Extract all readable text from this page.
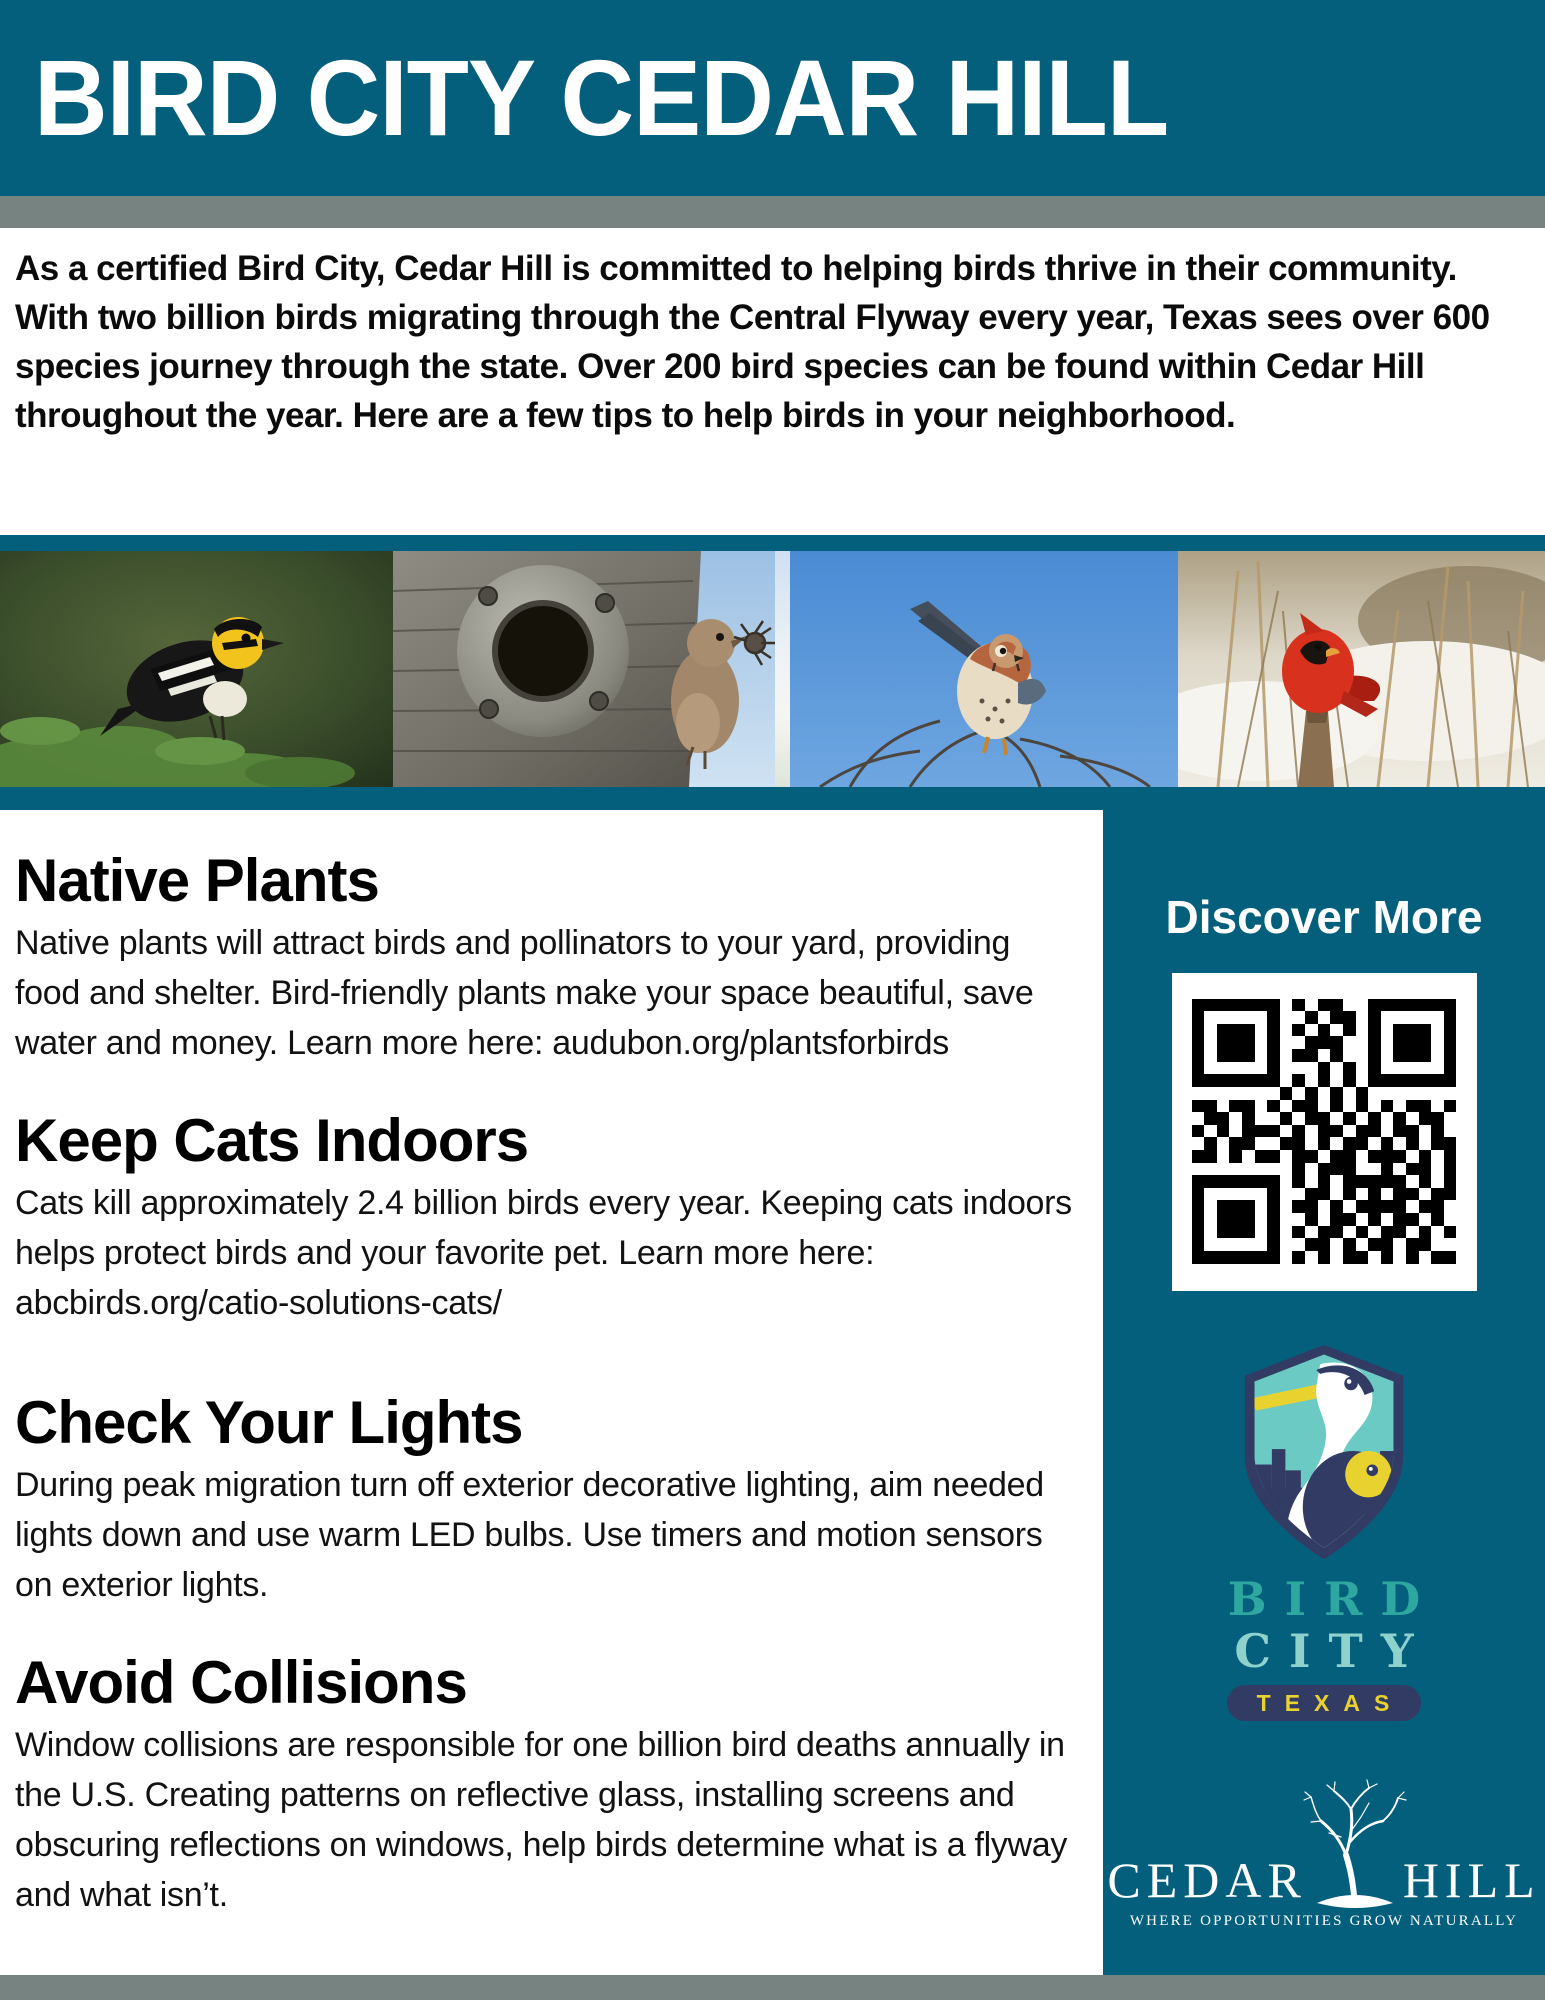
BIRD CITY CEDAR HILL

As a certified Bird City, Cedar Hill is committed to helping birds thrive in their community. With two billion birds migrating through the Central Flyway every year, Texas sees over 600 species journey through the state. Over 200 bird species can be found within Cedar Hill throughout the year. Here are a few tips to help birds in your neighborhood.

Native Plants

Native plants will attract birds and pollinators to your yard, providing food and shelter. Bird-friendly plants make your space beautiful, save water and money. Learn more here: audubon.org/plantsforbirds

Keep Cats Indoors

Cats kill approximately 2.4 billion birds every year. Keeping cats indoors helps protect birds and your favorite pet. Learn more here: abcbirds.org/catio-solutions-cats/

Check Your Lights

During peak migration turn off exterior decorative lighting, aim needed lights down and use warm LED bulbs. Use timers and motion sensors on exterior lights.

Avoid Collisions

Window collisions are responsible for one billion bird deaths annually in the U.S. Creating patterns on reflective glass, installing screens and obscuring reflections on windows, help birds determine what is a flyway and what isn’t.

Discover More
BIRD
CITY
TEXAS
CEDAR HILL
WHERE OPPORTUNITIES GROW NATURALLY
